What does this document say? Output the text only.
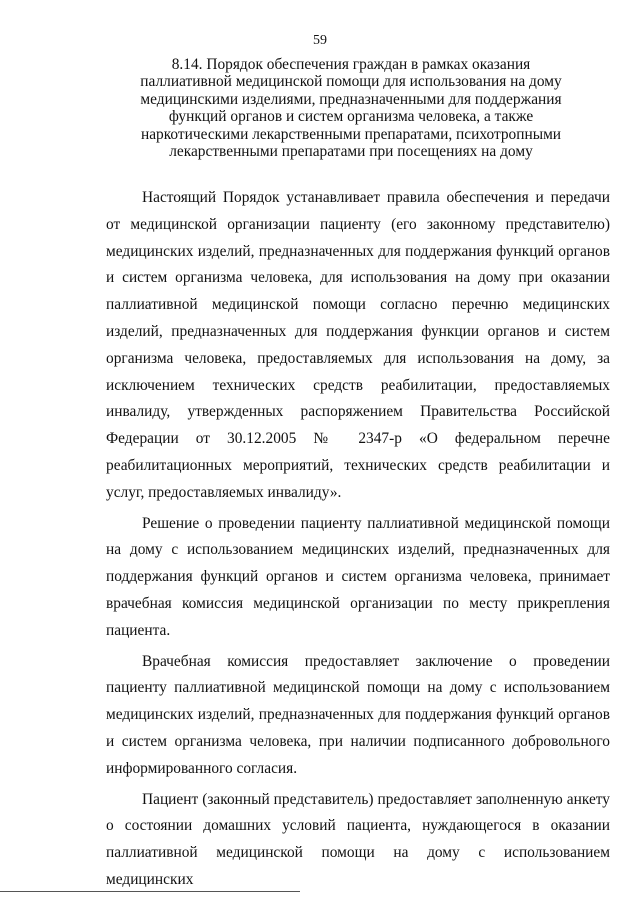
59
8.14. Порядок обеспечения граждан в рамках оказания
паллиативной медицинской помощи для использования на дому
медицинскими изделиями, предназначенными для поддержания
функций органов и систем организма человека, а также
наркотическими лекарственными препаратами, психотропными
лекарственными препаратами при посещениях на дому

Настоящий Порядок устанавливает правила обеспечения и передачи от медицинской организации пациенту (его законному представителю) медицинских изделий, предназначенных для поддержания функций органов и систем организма человека, для использования на дому при оказании паллиативной медицинской помощи согласно перечню медицинских изделий, предназначенных для поддержания функции органов и систем организма человека, предоставляемых для использования на дому, за исключением технических средств реабилитации, предоставляемых инвалиду, утвержденных распоряжением Правительства Российской Федерации от 30.12.2005 № 2347-р «О федеральном перечне реабилитационных мероприятий, технических средств реабилитации и услуг, предоставляемых инвалиду».

Решение о проведении пациенту паллиативной медицинской помощи на дому с использованием медицинских изделий, предназначенных для поддержания функций органов и систем организма человека, принимает врачебная комиссия медицинской организации по месту прикрепления пациента.

Врачебная комиссия предоставляет заключение о проведении пациенту паллиативной медицинской помощи на дому с использованием медицинских изделий, предназначенных для поддержания функций органов и систем организма человека, при наличии подписанного добровольного информированного согласия.

Пациент (законный представитель) предоставляет заполненную анкету о состоянии домашних условий пациента, нуждающегося в оказании паллиативной медицинской помощи на дому с использованием медицинских
